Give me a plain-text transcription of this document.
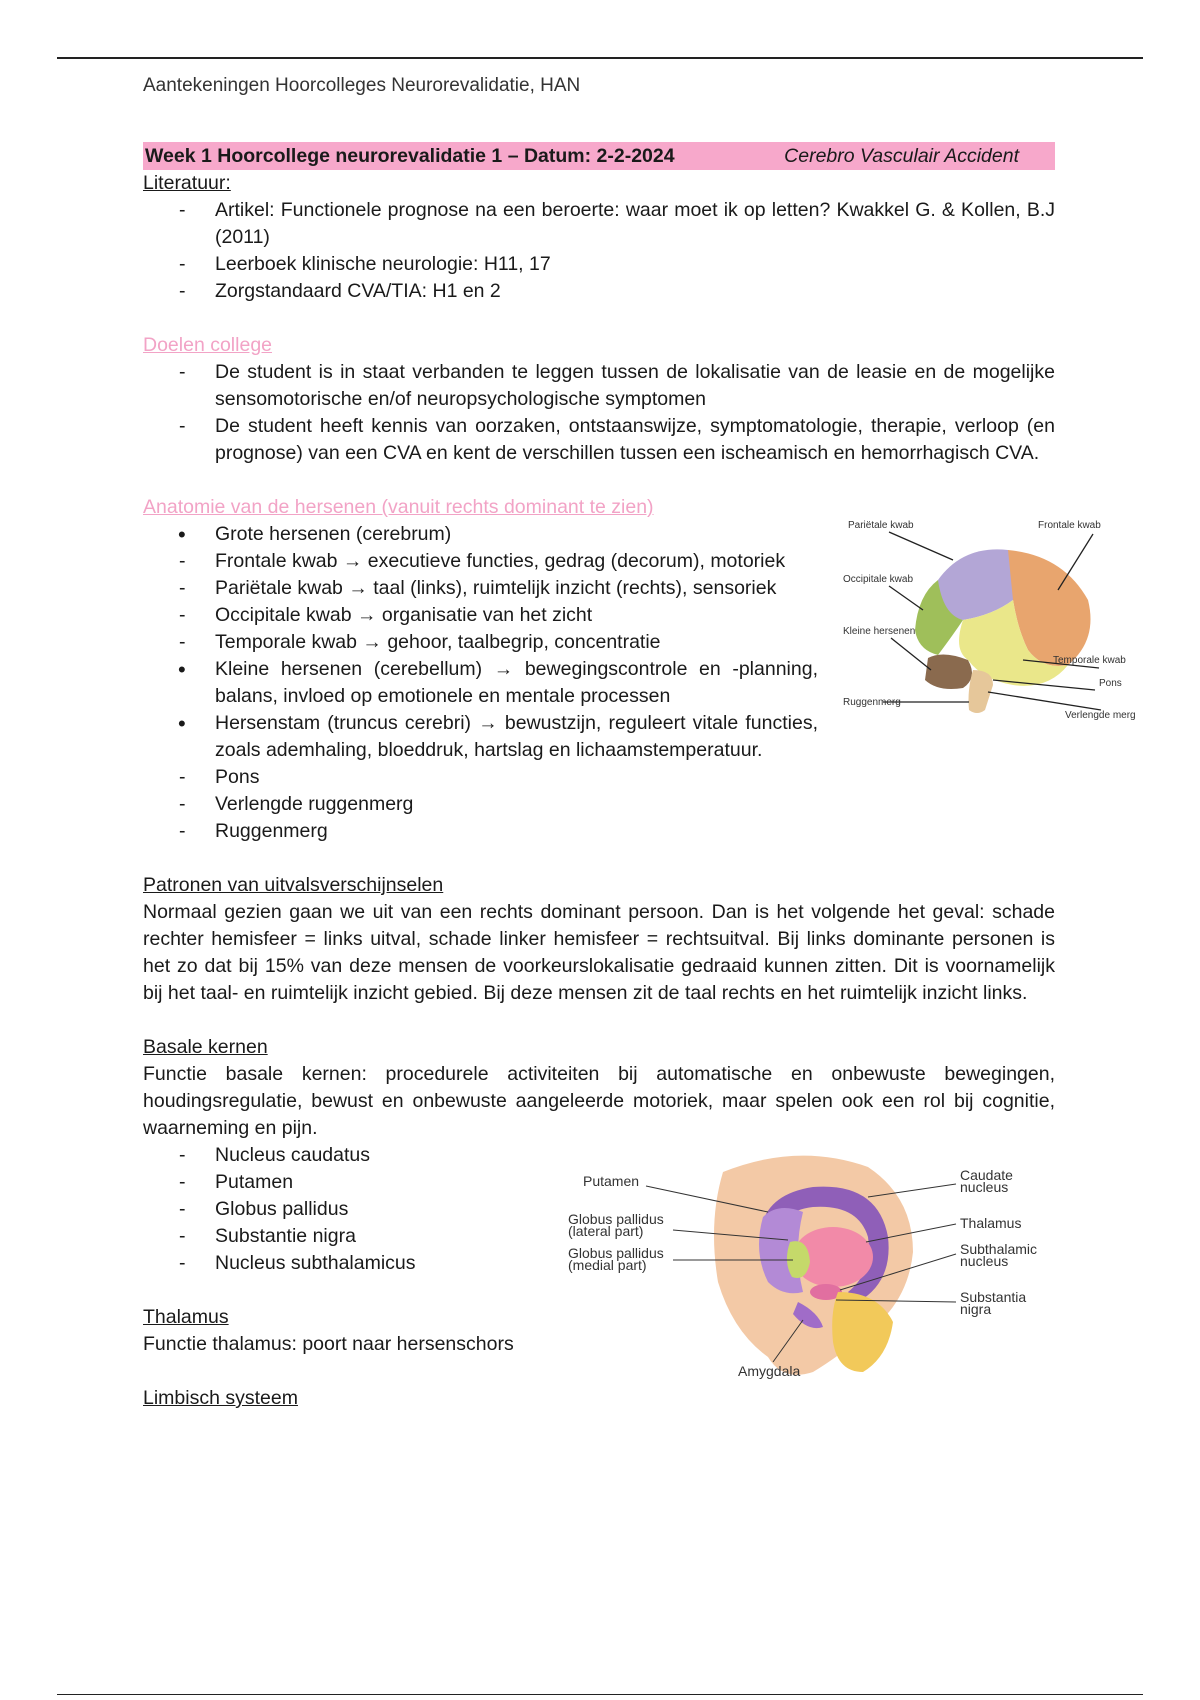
Aantekeningen Hoorcolleges Neurorevalidatie, HAN
Week 1 Hoorcollege neurorevalidatie 1 – Datum: 2-2-2024	Cerebro Vasculair Accident

Literatuur:

- Artikel: Functionele prognose na een beroerte: waar moet ik op letten? Kwakkel G. & Kollen, B.J (2011)
- Leerboek klinische neurologie: H11, 17
- Zorgstandaard CVA/TIA: H1 en 2

Doelen college

- De student is in staat verbanden te leggen tussen de lokalisatie van de leasie en de mogelijke sensomotorische en/of neuropsychologische symptomen
- De student heeft kennis van oorzaken, ontstaanswijze, symptomatologie, therapie, verloop (en prognose) van een CVA en kent de verschillen tussen een ischeamisch en hemorrhagisch CVA.

Anatomie van de hersenen (vanuit rechts dominant te zien)

• Grote hersenen (cerebrum)
- Frontale kwab → executieve functies, gedrag (decorum), motoriek
- Pariëtale kwab → taal (links), ruimtelijk inzicht (rechts), sensoriek
- Occipitale kwab → organisatie van het zicht
- Temporale kwab → gehoor, taalbegrip, concentratie
• Kleine hersenen (cerebellum) → bewegingscontrole en -planning, balans, invloed op emotionele en mentale processen
• Hersenstam (truncus cerebri) → bewustzijn, reguleert vitale functies, zoals ademhaling, bloeddruk, hartslag en lichaamstemperatuur.
- Pons
- Verlengde ruggenmerg
- Ruggenmerg
Pariëtale kwab	Frontale kwab
Occipitale kwab
Kleine hersenen
Temporale kwab
Pons
Verlengde merg
Ruggenmerg

Patronen van uitvalsverschijnselen

Normaal gezien gaan we uit van een rechts dominant persoon. Dan is het volgende het geval: schade rechter hemisfeer = links uitval, schade linker hemisfeer = rechtsuitval. Bij links dominante personen is het zo dat bij 15% van deze mensen de voorkeurslokalisatie gedraaid kunnen zitten. Dit is voornamelijk bij het taal- en ruimtelijk inzicht gebied. Bij deze mensen zit de taal rechts en het ruimtelijk inzicht links.

Basale kernen

Functie basale kernen: procedurele activiteiten bij automatische en onbewuste bewegingen, houdingsregulatie, bewust en onbewuste aangeleerde motoriek, maar spelen ook een rol bij cognitie, waarneming en pijn.

- Nucleus caudatus
- Putamen
- Globus pallidus
- Substantie nigra
- Nucleus subthalamicus

Thalamus

Functie thalamus: poort naar hersenschors

Limbisch systeem

Putamen
Globus pallidus
(lateral part)
Globus pallidus
(medial part)
Amygdala
Caudate
nucleus
Thalamus
Subthalamic
nucleus
Substantia
nigra
